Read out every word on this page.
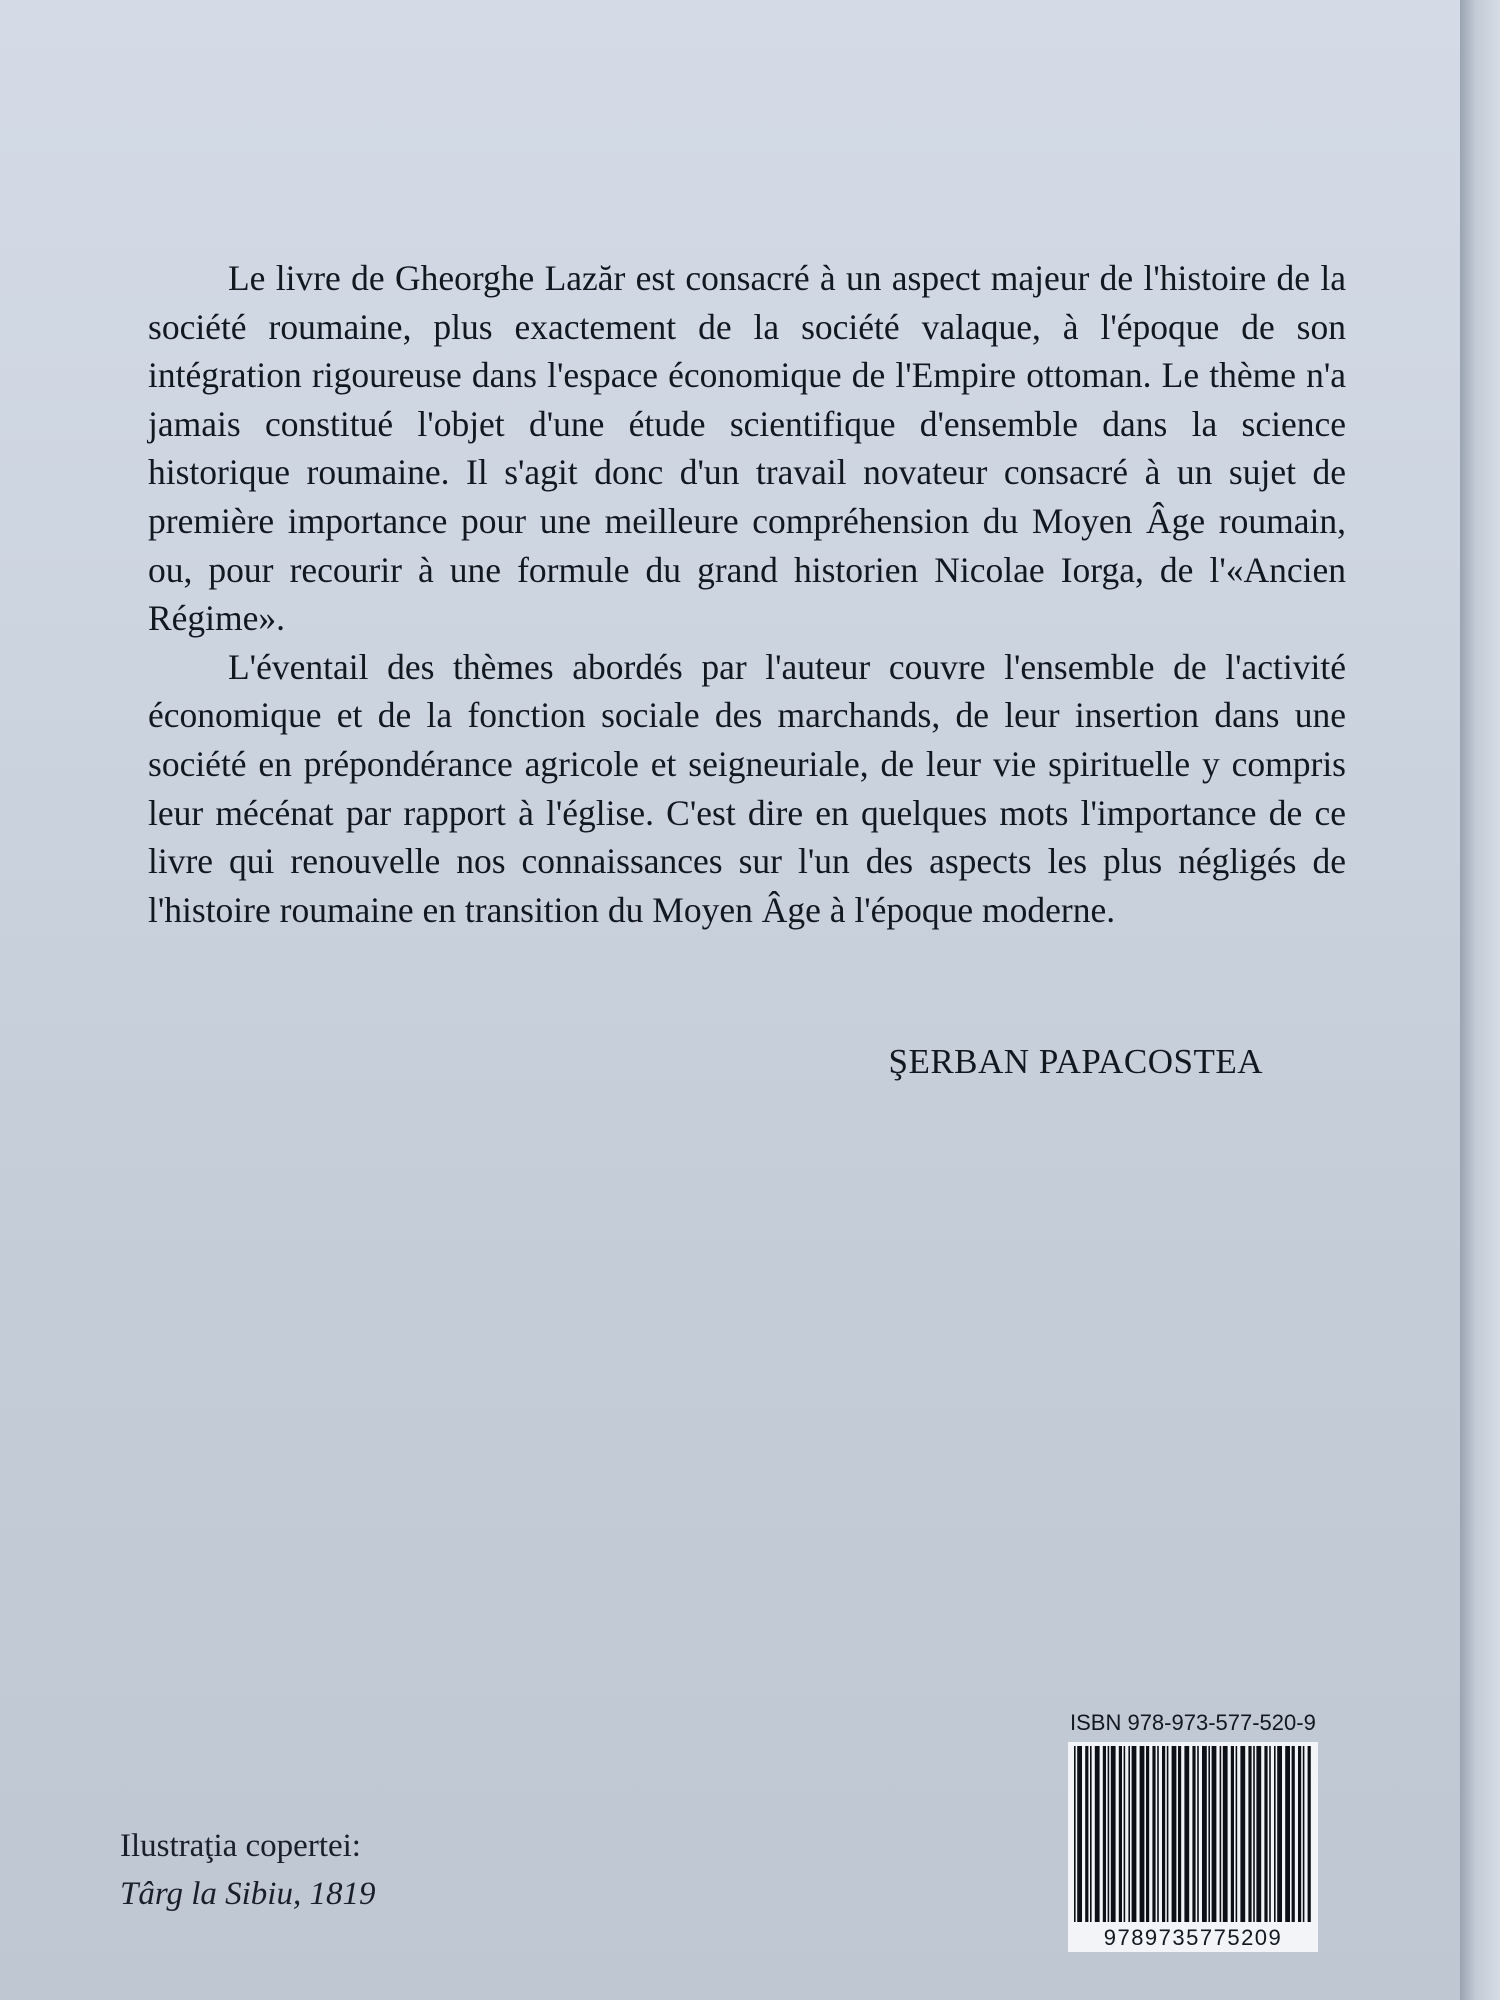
Le livre de Gheorghe Lazăr est consacré à un aspect majeur de l'histoire de la société roumaine, plus exactement de la société valaque, à l'époque de son intégration rigoureuse dans l'espace économique de l'Empire ottoman. Le thème n'a jamais constitué l'objet d'une étude scientifique d'ensemble dans la science historique roumaine. Il s'agit donc d'un travail novateur consacré à un sujet de première importance pour une meilleure compréhension du Moyen Âge roumain, ou, pour recourir à une formule du grand historien Nicolae Iorga, de l'«Ancien Régime».

L'éventail des thèmes abordés par l'auteur couvre l'ensemble de l'activité économique et de la fonction sociale des marchands, de leur insertion dans une société en prépondérance agricole et seigneuriale, de leur vie spirituelle y compris leur mécénat par rapport à l'église. C'est dire en quelques mots l'importance de ce livre qui renouvelle nos connaissances sur l'un des aspects les plus négligés de l'histoire roumaine en transition du Moyen Âge à l'époque moderne.

ŞERBAN PAPACOSTEA
Ilustraţia copertei:
Târg la Sibiu, 1819
ISBN 978-973-577-520-9
9789735775209
